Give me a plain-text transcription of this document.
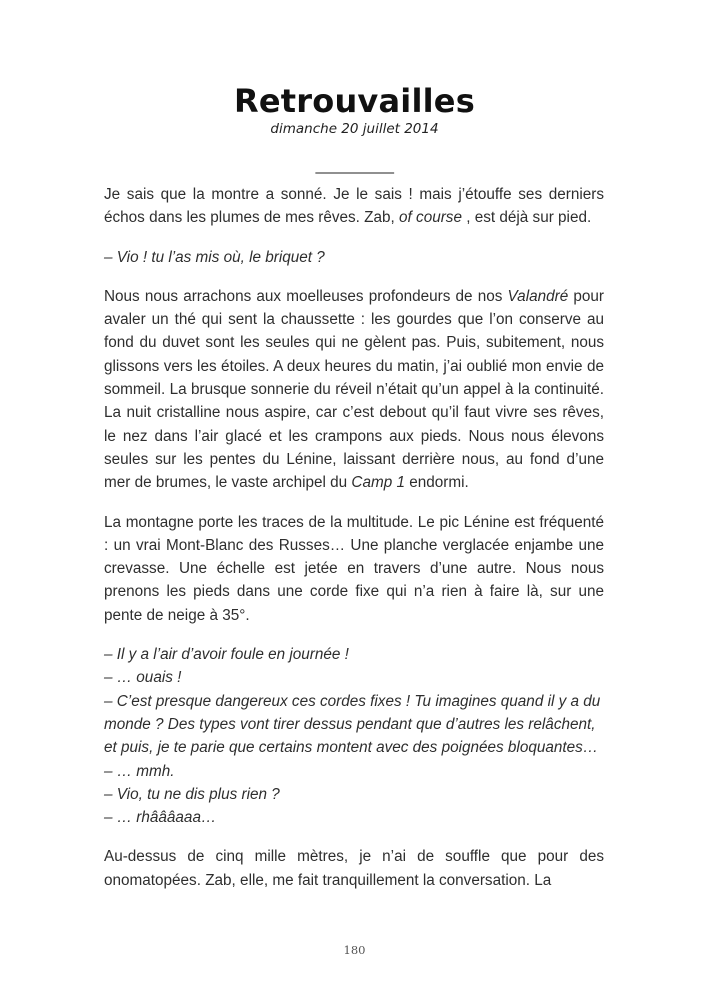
Retrouvailles
dimanche 20 juillet 2014
____________

Je sais que la montre a sonné. Je le sais ! mais j’étouffe ses derniers échos dans les plumes de mes rêves. Zab, of course , est déjà sur pied.

– Vio ! tu l’as mis où, le briquet ?

Nous nous arrachons aux moelleuses profondeurs de nos Valandré pour avaler un thé qui sent la chaussette : les gourdes que l’on conserve au fond du duvet sont les seules qui ne gèlent pas. Puis, subitement, nous glissons vers les étoiles. A deux heures du matin, j’ai oublié mon envie de sommeil. La brusque sonnerie du réveil n’était qu’un appel à la continuité. La nuit cristalline nous aspire, car c’est debout qu’il faut vivre ses rêves, le nez dans l’air glacé et les crampons aux pieds. Nous nous élevons seules sur les pentes du Lénine, laissant derrière nous, au fond d’une mer de brumes, le vaste archipel du Camp 1 endormi.

La montagne porte les traces de la multitude. Le pic Lénine est fréquenté : un vrai Mont-Blanc des Russes… Une planche verglacée enjambe une crevasse. Une échelle est jetée en travers d’une autre. Nous nous prenons les pieds dans une corde fixe qui n’a rien à faire là, sur une pente de neige à 35°.

– Il y a l’air d’avoir foule en journée !
– … ouais !
– C’est presque dangereux ces cordes fixes ! Tu imagines quand il y a du monde ? Des types vont tirer dessus pendant que d’autres les relâchent, et puis, je te parie que certains montent avec des poignées bloquantes…
– … mmh.
– Vio, tu ne dis plus rien ?
– … rhâââaaa…

Au-dessus de cinq mille mètres, je n’ai de souffle que pour des onomatopées. Zab, elle, me fait tranquillement la conversation. La

180
